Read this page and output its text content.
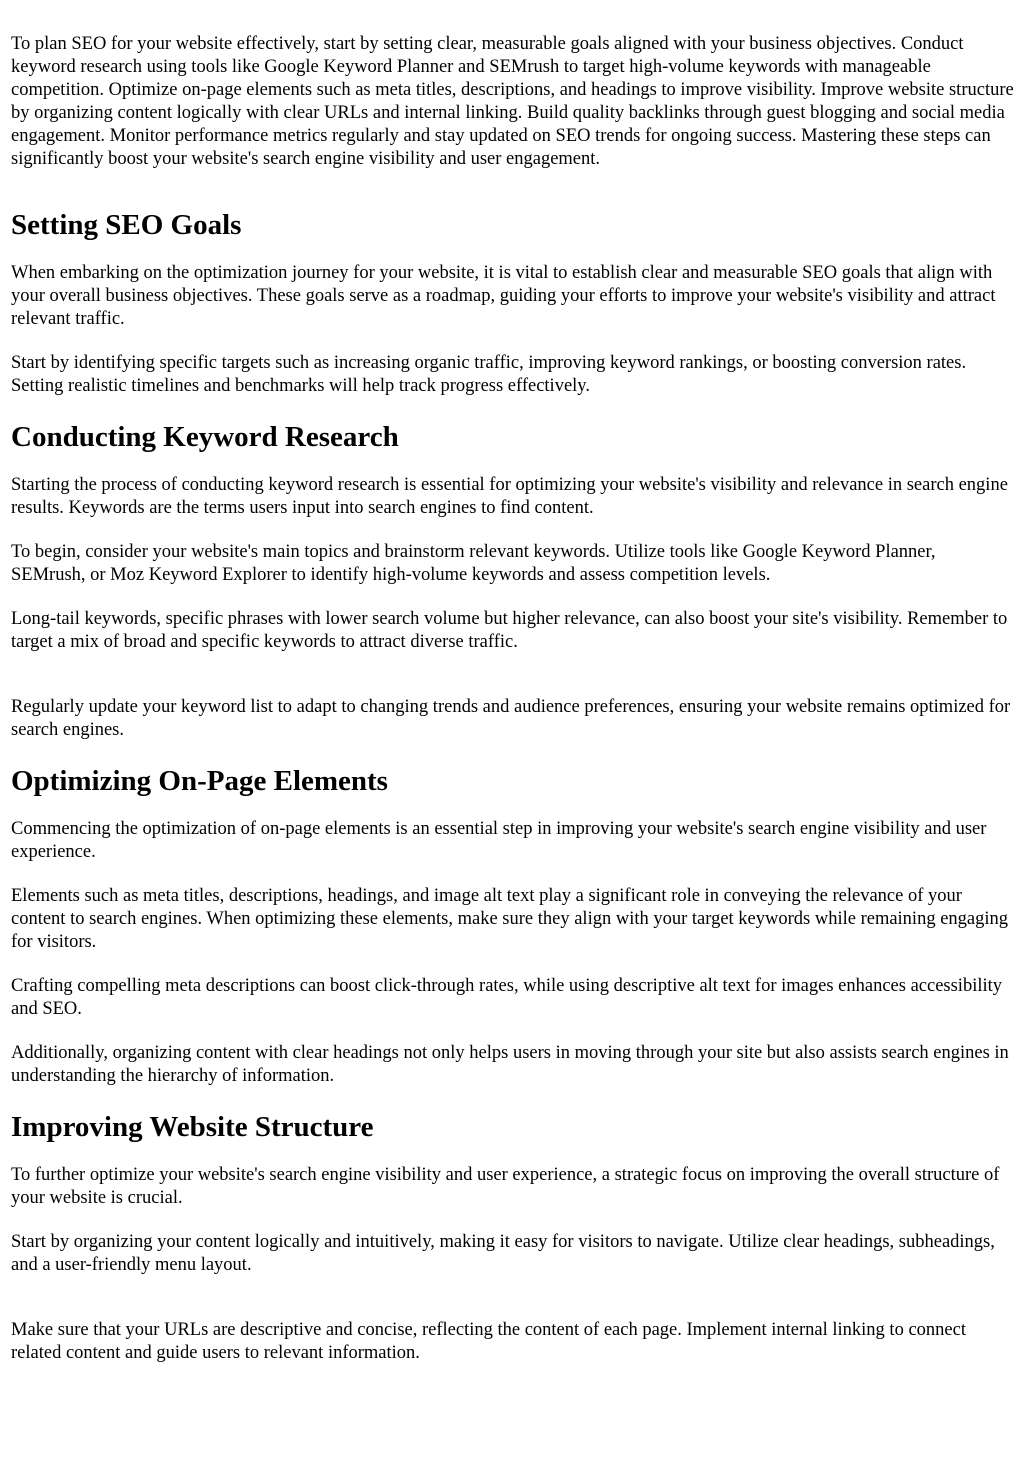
To plan SEO for your website effectively, start by setting clear, measurable goals aligned with your business objectives. Conduct keyword research using tools like Google Keyword Planner and SEMrush to target high-volume keywords with manageable competition. Optimize on-page elements such as meta titles, descriptions, and headings to improve visibility. Improve website structure by organizing content logically with clear URLs and internal linking. Build quality backlinks through guest blogging and social media engagement. Monitor performance metrics regularly and stay updated on SEO trends for ongoing success. Mastering these steps can significantly boost your website's search engine visibility and user engagement.

Setting SEO Goals

When embarking on the optimization journey for your website, it is vital to establish clear and measurable SEO goals that align with your overall business objectives. These goals serve as a roadmap, guiding your efforts to improve your website's visibility and attract relevant traffic.

Start by identifying specific targets such as increasing organic traffic, improving keyword rankings, or boosting conversion rates. Setting realistic timelines and benchmarks will help track progress effectively.

Conducting Keyword Research

Starting the process of conducting keyword research is essential for optimizing your website's visibility and relevance in search engine results. Keywords are the terms users input into search engines to find content.

To begin, consider your website's main topics and brainstorm relevant keywords. Utilize tools like Google Keyword Planner, SEMrush, or Moz Keyword Explorer to identify high-volume keywords and assess competition levels.

Long-tail keywords, specific phrases with lower search volume but higher relevance, can also boost your site's visibility. Remember to target a mix of broad and specific keywords to attract diverse traffic.

Regularly update your keyword list to adapt to changing trends and audience preferences, ensuring your website remains optimized for search engines.

Optimizing On-Page Elements

Commencing the optimization of on-page elements is an essential step in improving your website's search engine visibility and user experience.

Elements such as meta titles, descriptions, headings, and image alt text play a significant role in conveying the relevance of your content to search engines. When optimizing these elements, make sure they align with your target keywords while remaining engaging for visitors.

Crafting compelling meta descriptions can boost click-through rates, while using descriptive alt text for images enhances accessibility and SEO.

Additionally, organizing content with clear headings not only helps users in moving through your site but also assists search engines in understanding the hierarchy of information.

Improving Website Structure

To further optimize your website's search engine visibility and user experience, a strategic focus on improving the overall structure of your website is crucial.

Start by organizing your content logically and intuitively, making it easy for visitors to navigate. Utilize clear headings, subheadings, and a user-friendly menu layout.

Make sure that your URLs are descriptive and concise, reflecting the content of each page. Implement internal linking to connect related content and guide users to relevant information.
